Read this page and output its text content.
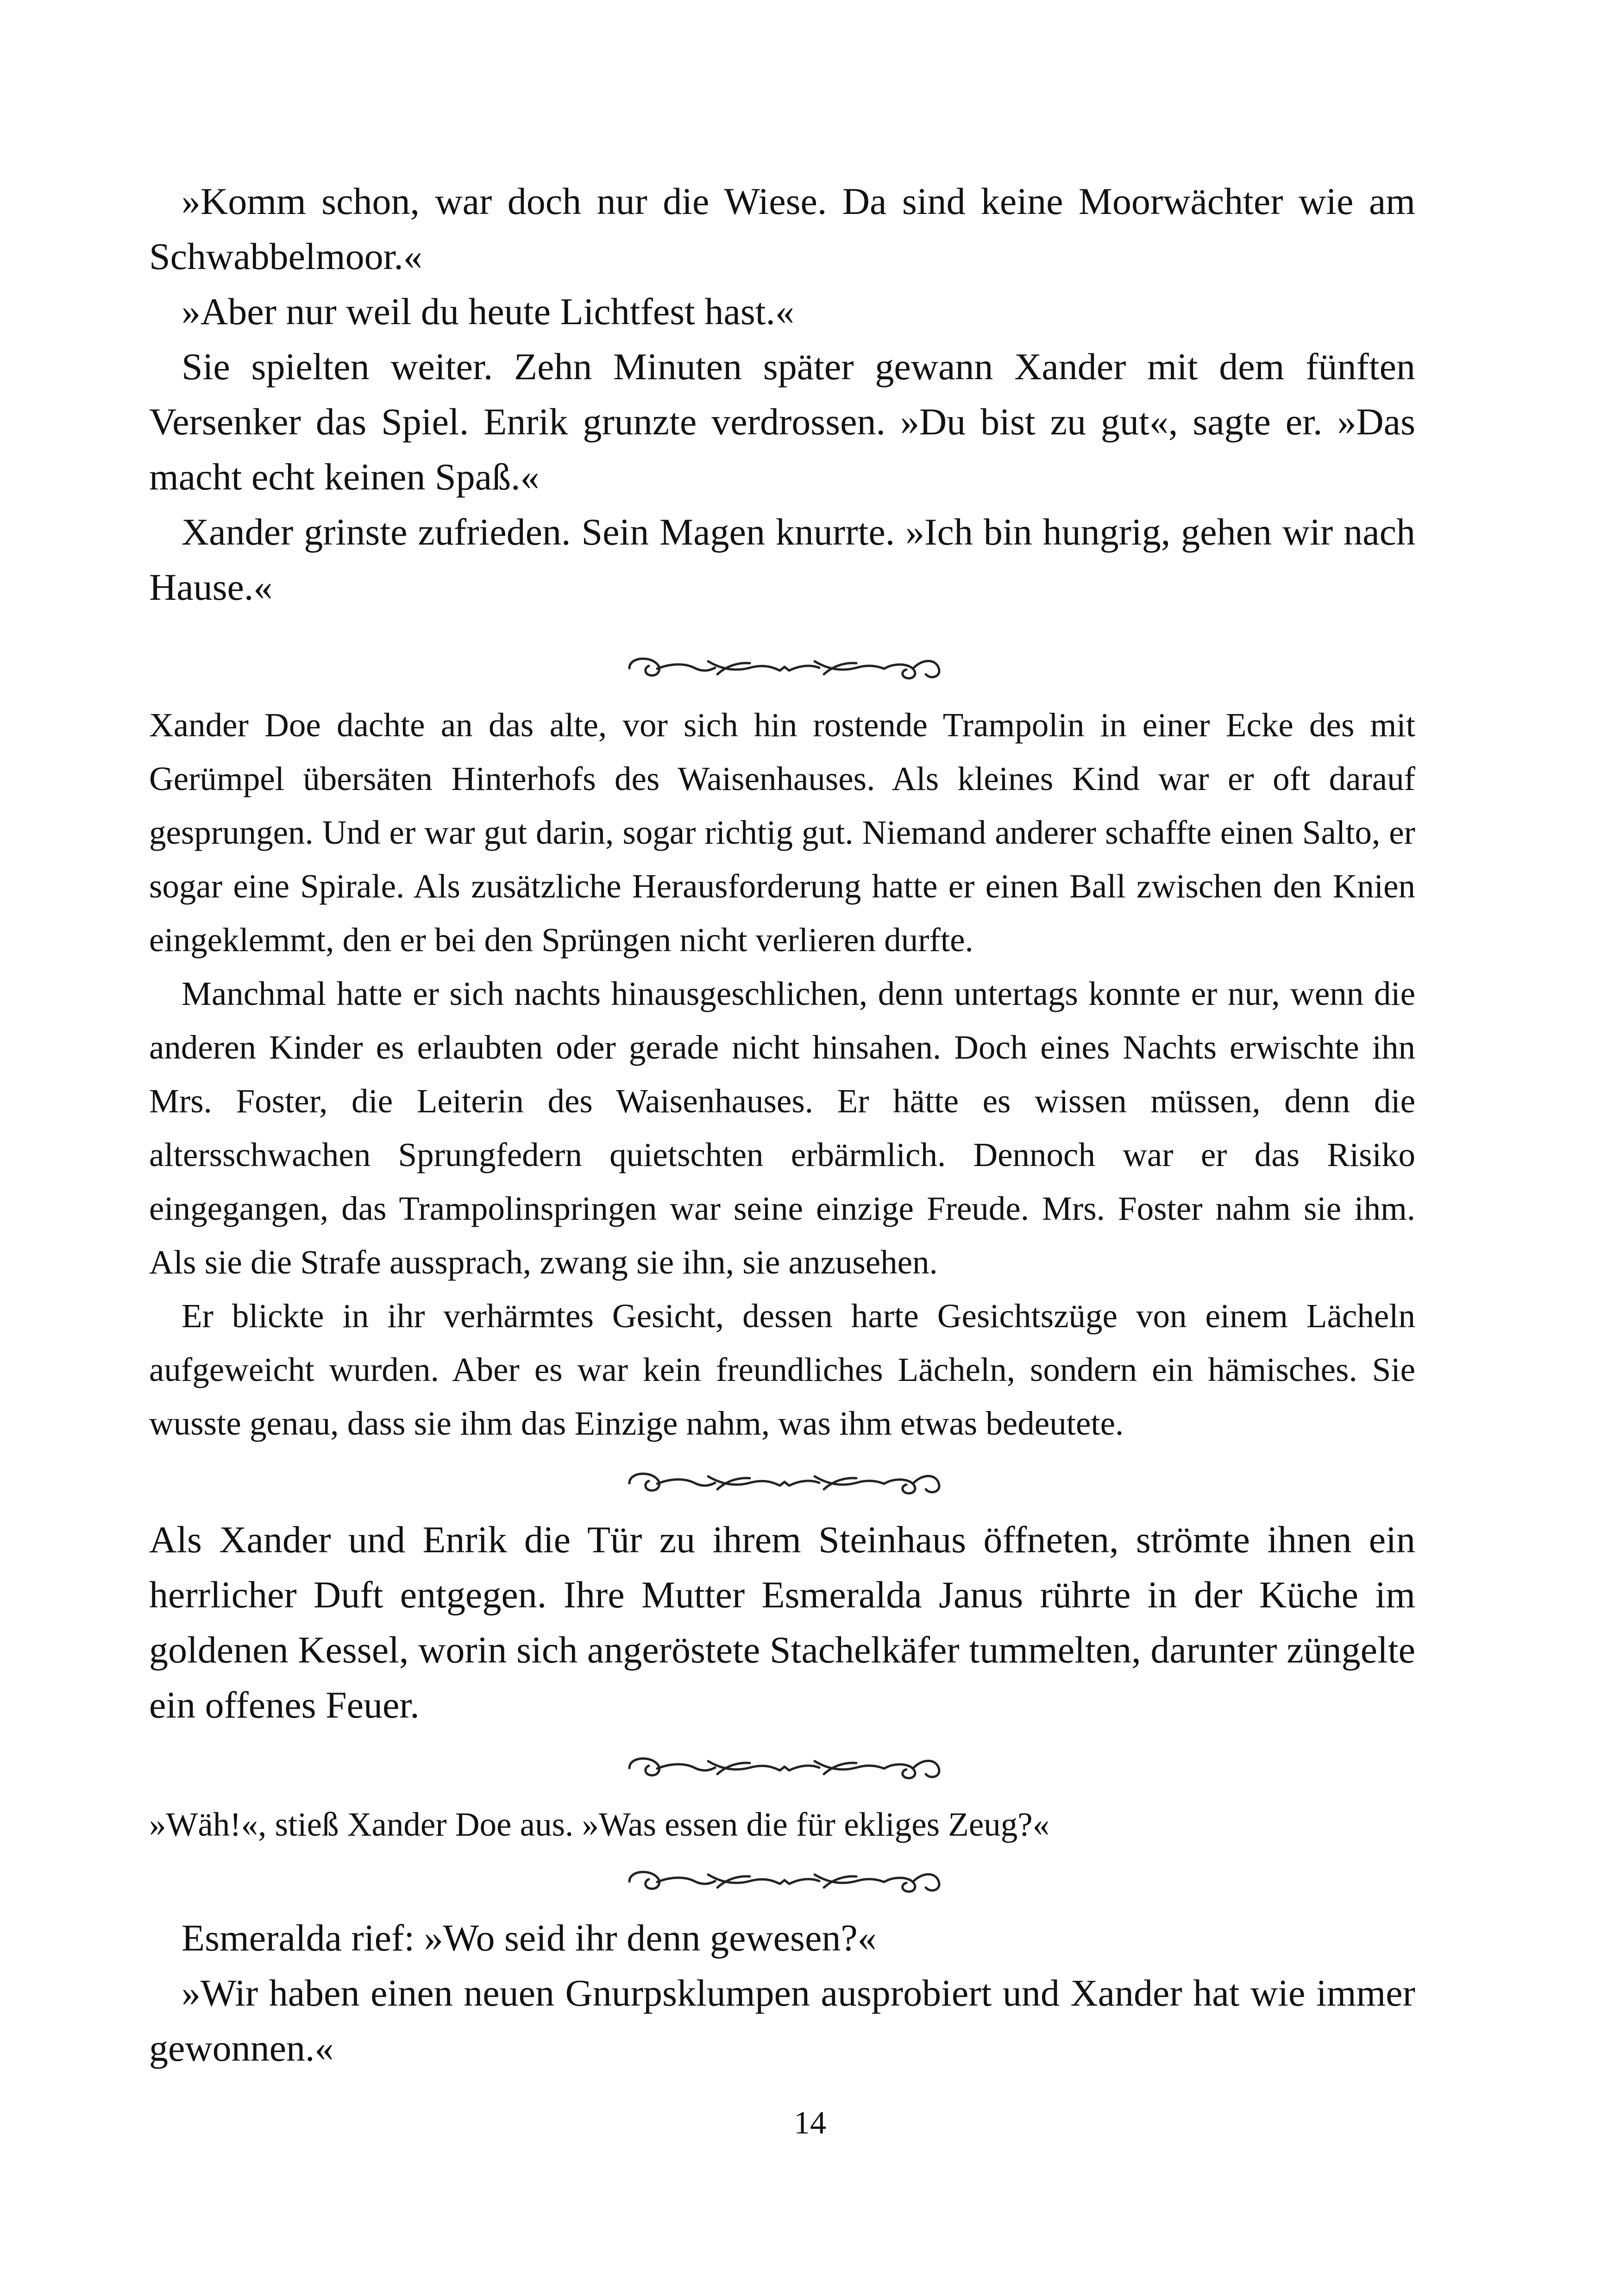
»Komm schon, war doch nur die Wiese. Da sind keine Moorwächter wie am Schwabbelmoor.«

»Aber nur weil du heute Lichtfest hast.«

Sie spielten weiter. Zehn Minuten später gewann Xander mit dem fünften Versenker das Spiel. Enrik grunzte verdrossen. »Du bist zu gut«, sagte er. »Das macht echt keinen Spaß.«

Xander grinste zufrieden. Sein Magen knurrte. »Ich bin hungrig, gehen wir nach Hause.«

Xander Doe dachte an das alte, vor sich hin rostende Trampolin in einer Ecke des mit Gerümpel übersäten Hinterhofs des Waisenhauses. Als kleines Kind war er oft darauf gesprungen. Und er war gut darin, sogar richtig gut. Niemand anderer schaffte einen Salto, er sogar eine Spirale. Als zusätzliche Herausforderung hatte er einen Ball zwischen den Knien eingeklemmt, den er bei den Sprüngen nicht verlieren durfte.

Manchmal hatte er sich nachts hinausgeschlichen, denn untertags konnte er nur, wenn die anderen Kinder es erlaubten oder gerade nicht hinsahen. Doch eines Nachts erwischte ihn Mrs. Foster, die Leiterin des Waisenhauses. Er hätte es wissen müssen, denn die altersschwachen Sprungfedern quietschten erbärmlich. Dennoch war er das Risiko eingegangen, das Trampolinspringen war seine einzige Freude. Mrs. Foster nahm sie ihm. Als sie die Strafe aussprach, zwang sie ihn, sie anzusehen.

Er blickte in ihr verhärmtes Gesicht, dessen harte Gesichtszüge von einem Lächeln aufgeweicht wurden. Aber es war kein freundliches Lächeln, sondern ein hämisches. Sie wusste genau, dass sie ihm das Einzige nahm, was ihm etwas bedeutete.

Als Xander und Enrik die Tür zu ihrem Steinhaus öffneten, strömte ihnen ein herrlicher Duft entgegen. Ihre Mutter Esmeralda Janus rührte in der Küche im goldenen Kessel, worin sich angeröstete Stachelkäfer tummelten, darunter züngelte ein offenes Feuer.

»Wäh!«, stieß Xander Doe aus. »Was essen die für ekliges Zeug?«

Esmeralda rief: »Wo seid ihr denn gewesen?«

»Wir haben einen neuen Gnurpsklumpen ausprobiert und Xander hat wie immer gewonnen.«

14
